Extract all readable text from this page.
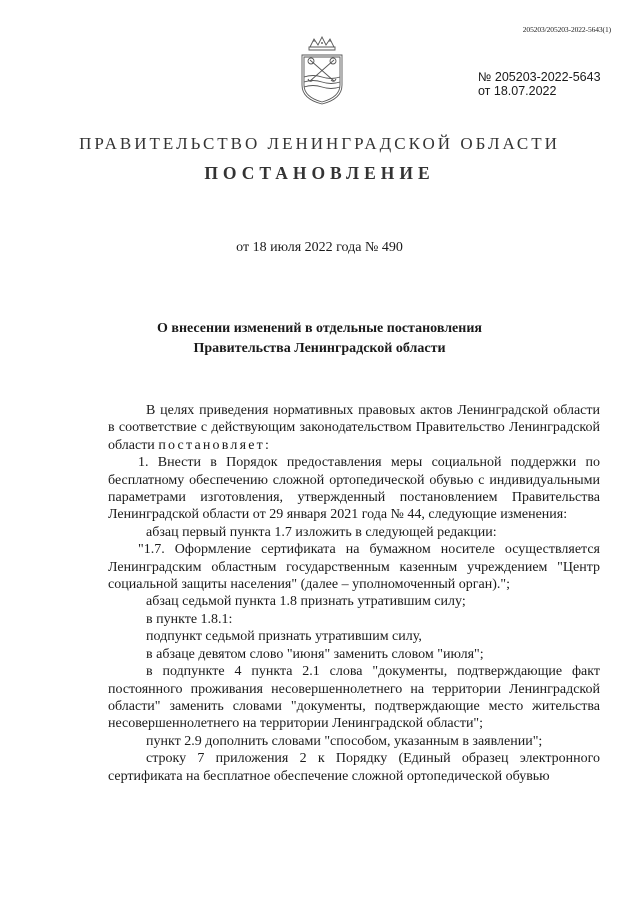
205203/205203-2022-5643(1)
№ 205203-2022-5643
от 18.07.2022
ПРАВИТЕЛЬСТВО ЛЕНИНГРАДСКОЙ ОБЛАСТИ
ПОСТАНОВЛЕНИЕ
от 18 июля 2022 года № 490
О внесении изменений в отдельные постановления
Правительства Ленинградской области

В целях приведения нормативных правовых актов Ленинградской области в соответствие с действующим законодательством Правительство Ленинградской области постановляет:

1. Внести в Порядок предоставления меры социальной поддержки по бесплатному обеспечению сложной ортопедической обувью с индивидуальными параметрами изготовления, утвержденный постановлением Правительства Ленинградской области от 29 января 2021 года № 44, следующие изменения:

абзац первый пункта 1.7 изложить в следующей редакции:

"1.7. Оформление сертификата на бумажном носителе осуществляется Ленинградским областным государственным казенным учреждением "Центр социальной защиты населения" (далее – уполномоченный орган).";

абзац седьмой пункта 1.8 признать утратившим силу;

в пункте 1.8.1:

подпункт седьмой признать утратившим силу,

в абзаце девятом слово "июня" заменить словом "июля";

в подпункте 4 пункта 2.1 слова "документы, подтверждающие факт постоянного проживания несовершеннолетнего на территории Ленинградской области" заменить словами "документы, подтверждающие место жительства несовершеннолетнего на территории Ленинградской области";

пункт 2.9 дополнить словами "способом, указанным в заявлении";

строку 7 приложения 2 к Порядку (Единый образец электронного сертификата на бесплатное обеспечение сложной ортопедической обувью
